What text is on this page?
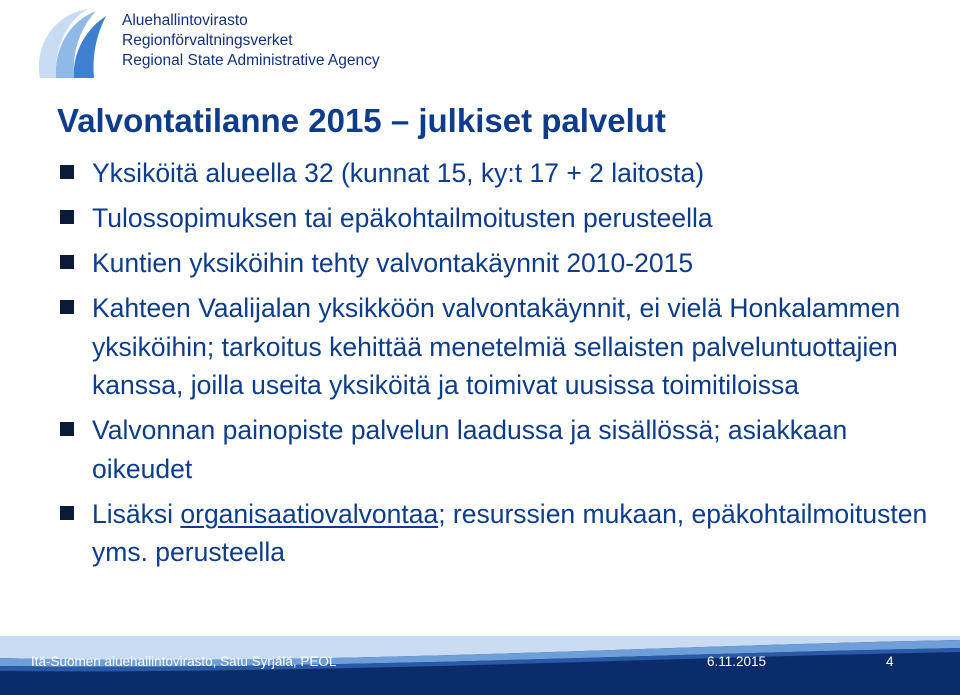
Aluehallintovirasto
Regionförvaltningsverket
Regional State Administrative Agency
Valvontatilanne 2015 – julkiset palvelut
Yksiköitä alueella 32 (kunnat 15, ky:t 17 + 2 laitosta)
Tulossopimuksen tai epäkohtailmoitusten perusteella
Kuntien yksiköihin tehty valvontakäynnit 2010-2015
Kahteen Vaalijalan yksikköön valvontakäynnit, ei vielä Honkalammen yksiköihin; tarkoitus kehittää menetelmiä sellaisten palveluntuottajien kanssa, joilla useita yksiköitä ja toimivat uusissa toimitiloissa
Valvonnan painopiste palvelun laadussa ja sisällössä; asiakkaan oikeudet
Lisäksi organisaatiovalvontaa; resurssien mukaan, epäkohtailmoitusten yms. perusteella
Itä-Suomen aluehallintovirasto, Satu Syrjälä, PEOL	6.11.2015	4
